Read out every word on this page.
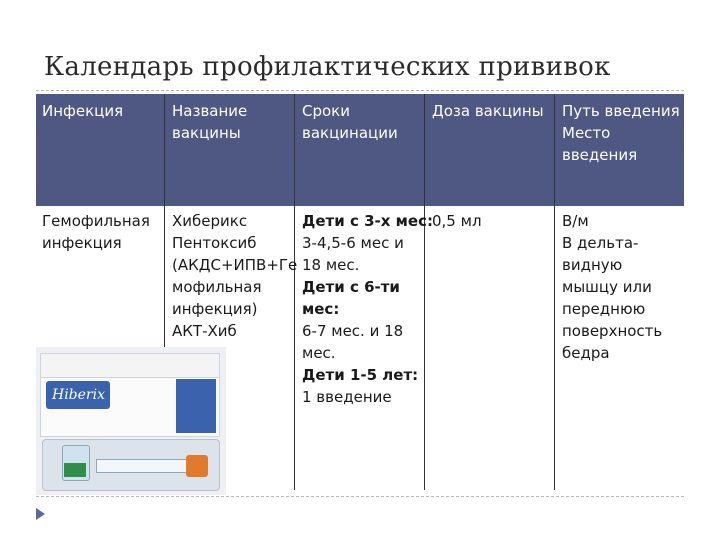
Календарь профилактических прививок
Инфекция	Название
вакцины
Сроки
вакцинации
Доза вакцины Путь введения
Место
введения
Гемофильная
инфекция
Хиберикс
Пентоксиб
(АКДС+ИПВ+Ге
мофильная
инфекция)
АКТ-Хиб
Дети с 3-х мес:
3-4,5-6 мес и
18 мес.
Дети с 6-ти
мес:
6-7 мес. и 18
мес.
Дети 1-5 лет:
1 введение
0,5 мл	В/м
В дельта-
видную
мышцу или
переднюю
поверхность
бедра
Hiberix
